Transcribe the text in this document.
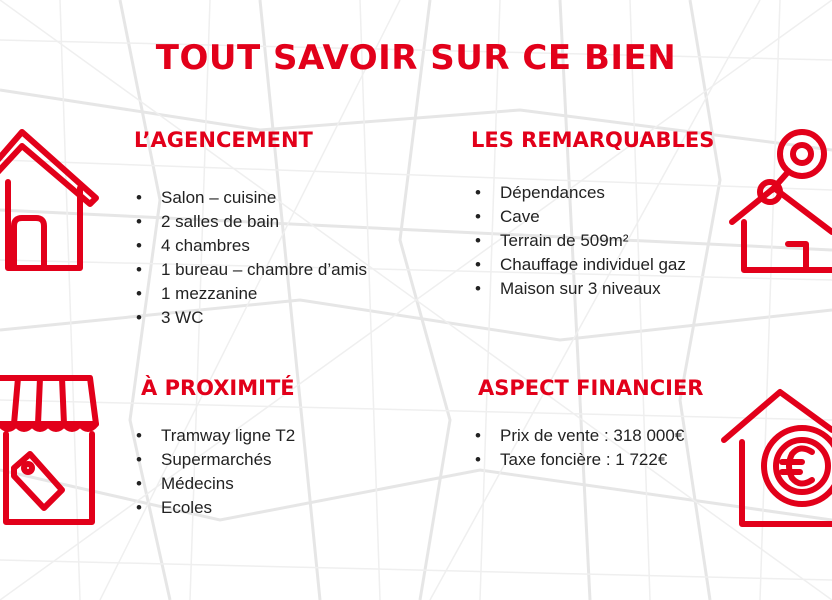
TOUT SAVOIR SUR CE BIEN
L’AGENCEMENT
• Salon – cuisine
• 2 salles de bain
• 4 chambres
• 1 bureau – chambre d’amis
• 1 mezzanine
• 3 WC
LES REMARQUABLES
• Dépendances
• Cave
• Terrain de 509m²
• Chauffage individuel gaz
• Maison sur 3 niveaux
À PROXIMITÉ
• Tramway ligne T2
• Supermarchés
• Médecins
• Ecoles
ASPECT FINANCIER
• Prix de vente : 318 000€
• Taxe foncière : 1 722€
